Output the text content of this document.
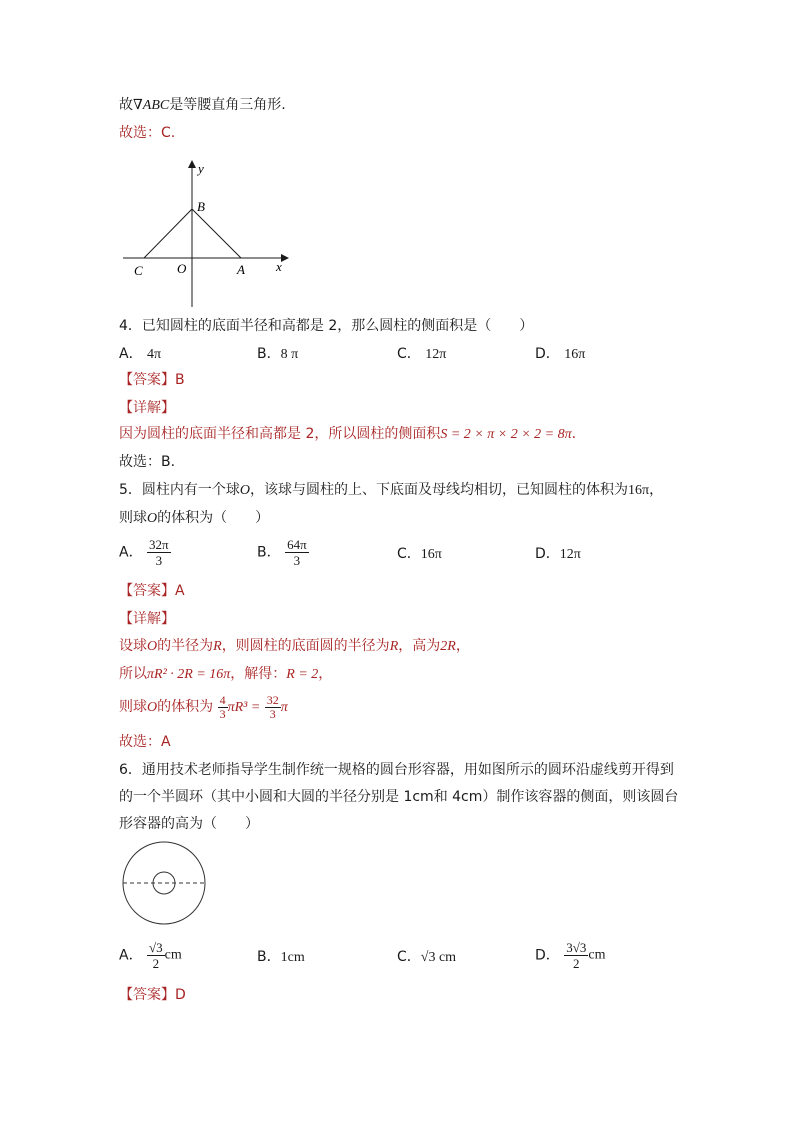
故∇ABC是等腰直角三角形.
故选：C.
y
B
C	O	A x
4．已知圆柱的底面半径和高都是 2，那么圆柱的侧面积是（　　）
A． 4π	B．8 π	C． 12π	D． 16π
【答案】B
【详解】
因为圆柱的底面半径和高都是 2，所以圆柱的侧面积S = 2 × π × 2 × 2 = 8π.
故选：B.
5．圆柱内有一个球O，该球与圆柱的上、下底面及母线均相切，已知圆柱的体积为16π，
则球O的体积为（　　）
A． $\frac{32\pi}{3}$	B． $\frac{64\pi}{3}$	C．16π	D．12π
【答案】A
【详解】
设球O的半径为R，则圆柱的底面圆的半径为R，高为2R，
所以πR² · 2R = 16π，解得：R = 2，
则球O的体积为 $\frac{4}{3} \pi R^3 = \frac{32}{3}$ π
故选：A
6．通用技术老师指导学生制作统一规格的圆台形容器，用如图所示的圆环沿虚线剪开得到
的一个半圆环（其中小圆和大圆的半径分别是 1cm和 4cm）制作该容器的侧面，则该圆台
形容器的高为（　　）
A． $\frac{√3}{2}$ cm	B．1cm	C．√3 cm	D． $\frac{3√3}{2}$ cm
【答案】D
